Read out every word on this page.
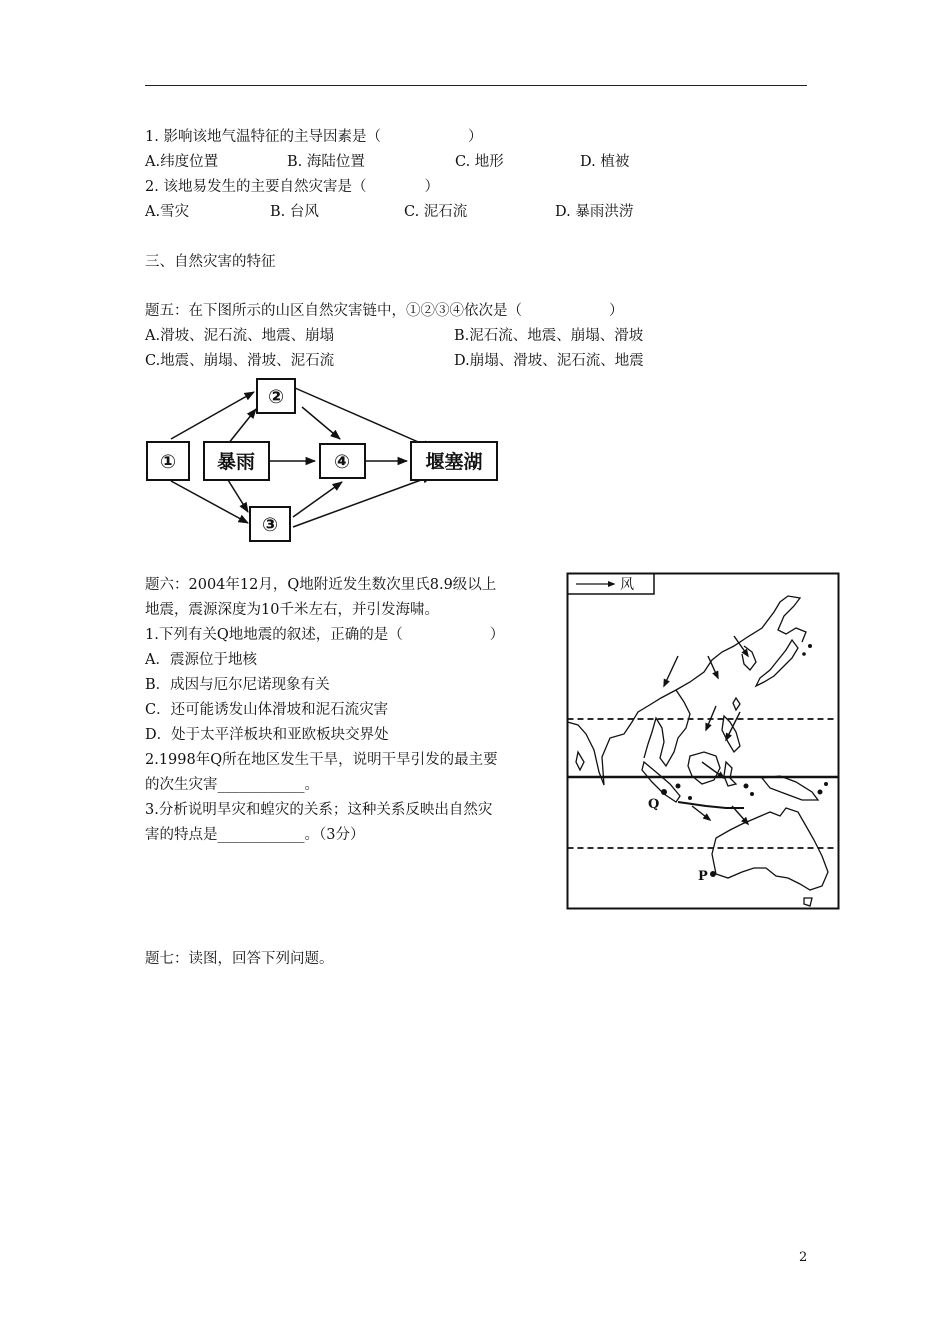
1. 影响该地气温特征的主导因素是（　　　　　　）
A.纬度位置	B. 海陆位置	C. 地形	D. 植被
2. 该地易发生的主要自然灾害是（　　　　）
A.雪灾	B. 台风	C. 泥石流	D. 暴雨洪涝
三、自然灾害的特征
题五：在下图所示的山区自然灾害链中，①②③④依次是（　　　　　　）
A.滑坡、泥石流、地震、崩塌	B.泥石流、地震、崩塌、滑坡
C.地震、崩塌、滑坡、泥石流	D.崩塌、滑坡、泥石流、地震
① 暴雨
②
④	堰塞湖
③
题六：2004年12月，Q地附近发生数次里氏8.9级以上
地震，震源深度为10千米左右，并引发海啸。
1.下列有关Q地地震的叙述，正确的是（　　　　　　）
A．震源位于地核
B．成因与厄尔尼诺现象有关
C．还可能诱发山体滑坡和泥石流灾害
D．处于太平洋板块和亚欧板块交界处
2.1998年Q所在地区发生干旱，说明干旱引发的最主要
的次生灾害____________。
3.分析说明旱灾和蝗灾的关系；这种关系反映出自然灾
害的特点是____________。（3分）
风
Q
P
题七：读图，回答下列问题。
2
